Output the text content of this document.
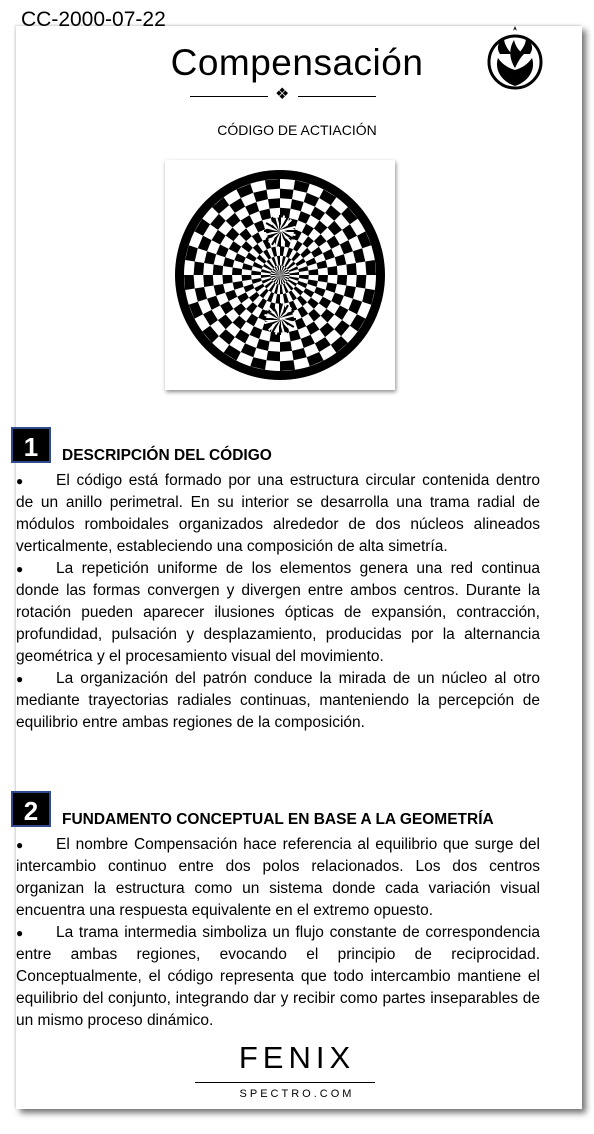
CC-2000-07-22
Compensación
❖
CÓDIGO DE ACTIACIÓN
1	DESCRIPCIÓN DEL CÓDIGO

● El código está formado por una estructura circular contenida dentro de un anillo perimetral. En su interior se desarrolla una trama radial de módulos romboidales organizados alrededor de dos núcleos alineados verticalmente, estableciendo una composición de alta simetría.

● La repetición uniforme de los elementos genera una red continua donde las formas convergen y divergen entre ambos centros. Durante la rotación pueden aparecer ilusiones ópticas de expansión, contracción, profundidad, pulsación y desplazamiento, producidas por la alternancia geométrica y el procesamiento visual del movimiento.

● La organización del patrón conduce la mirada de un núcleo al otro mediante trayectorias radiales continuas, manteniendo la percepción de equilibrio entre ambas regiones de la composición.

2	FUNDAMENTO CONCEPTUAL EN BASE A LA GEOMETRÍA

● El nombre Compensación hace referencia al equilibrio que surge del intercambio continuo entre dos polos relacionados. Los dos centros organizan la estructura como un sistema donde cada variación visual encuentra una respuesta equivalente en el extremo opuesto.

● La trama intermedia simboliza un flujo constante de correspondencia entre ambas regiones, evocando el principio de reciprocidad. Conceptualmente, el código representa que todo intercambio mantiene el equilibrio del conjunto, integrando dar y recibir como partes inseparables de un mismo proceso dinámico.

FENIX
SPECTRO.COM
